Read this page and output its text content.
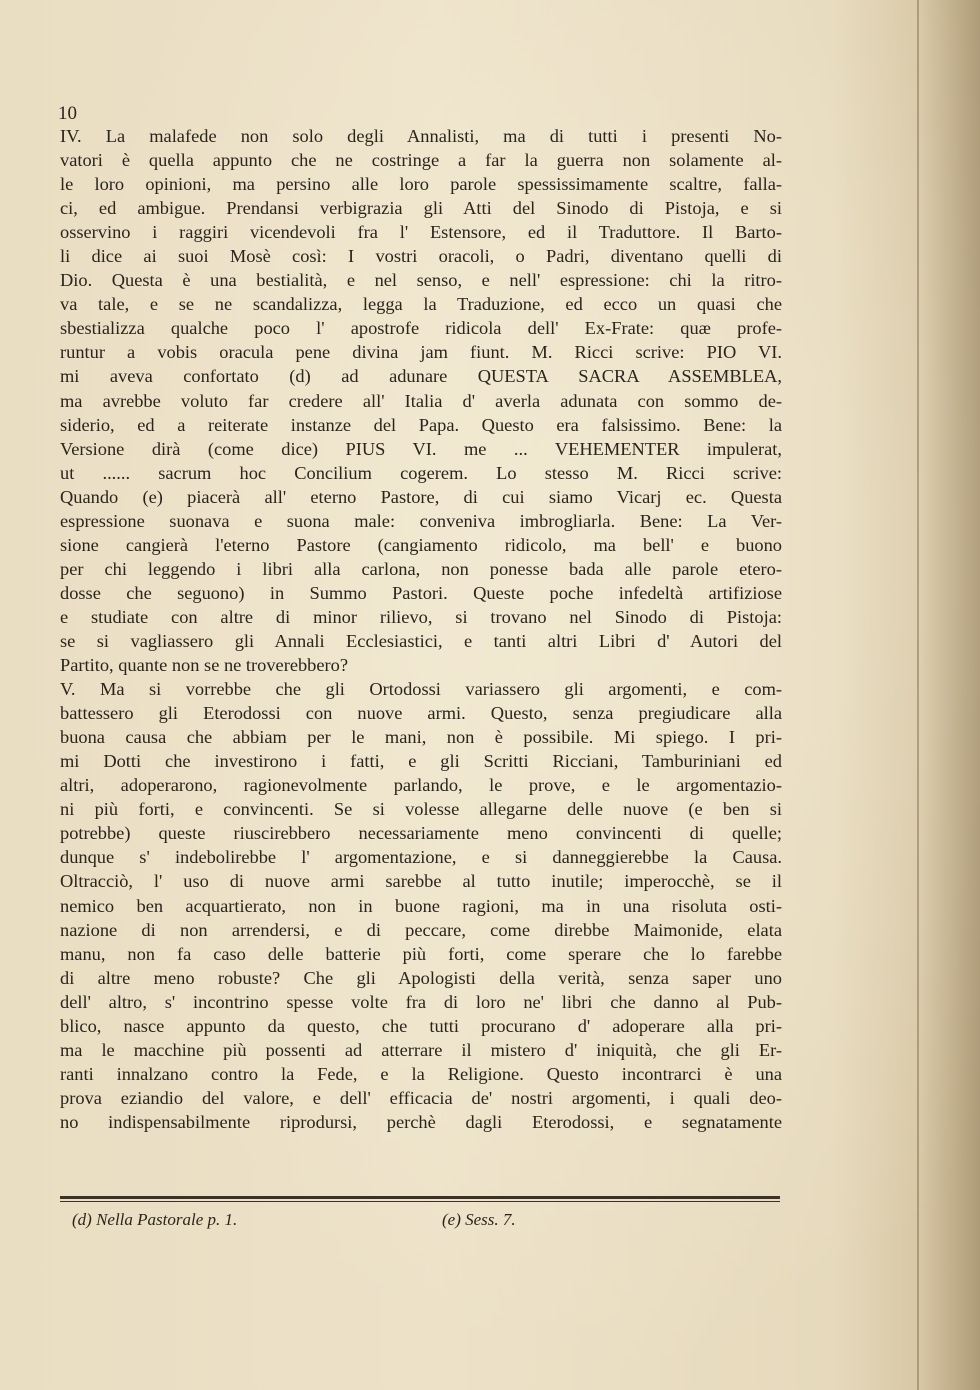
10
IV. La malafede non solo degli Annalisti, ma di tutti i presenti No-
vatori è quella appunto che ne costringe a far la guerra non solamente al-
le loro opinioni, ma persino alle loro parole spessissimamente scaltre, falla-
ci, ed ambigue. Prendansi verbigrazia gli Atti del Sinodo di Pistoja, e si
osservino i raggiri vicendevoli fra l' Estensore, ed il Traduttore. Il Barto-
li dice ai suoi Mosè così: I vostri oracoli, o Padri, diventano quelli di
Dio. Questa è una bestialità, e nel senso, e nell' espressione: chi la ritro-
va tale, e se ne scandalizza, legga la Traduzione, ed ecco un quasi che
sbestializza qualche poco l' apostrofe ridicola dell' Ex-Frate: quæ profe-
runtur a vobis oracula pene divina jam fiunt. M. Ricci scrive: PIO VI.
mi aveva confortato (d) ad adunare QUESTA SACRA ASSEMBLEA,
ma avrebbe voluto far credere all' Italia d' averla adunata con sommo de-
siderio, ed a reiterate instanze del Papa. Questo era falsissimo. Bene: la
Versione dirà (come dice) PIUS VI. me ... VEHEMENTER impulerat,
ut ...... sacrum hoc Concilium cogerem. Lo stesso M. Ricci scrive:
Quando (e) piacerà all' eterno Pastore, di cui siamo Vicarj ec. Questa
espressione suonava e suona male: conveniva imbrogliarla. Bene: La Ver-
sione cangierà l'eterno Pastore (cangiamento ridicolo, ma bell' e buono
per chi leggendo i libri alla carlona, non ponesse bada alle parole etero-
dosse che seguono) in Summo Pastori. Queste poche infedeltà artifiziose
e studiate con altre di minor rilievo, si trovano nel Sinodo di Pistoja:
se si vagliassero gli Annali Ecclesiastici, e tanti altri Libri d' Autori del
Partito, quante non se ne troverebbero?
V. Ma si vorrebbe che gli Ortodossi variassero gli argomenti, e com-
battessero gli Eterodossi con nuove armi. Questo, senza pregiudicare alla
buona causa che abbiam per le mani, non è possibile. Mi spiego. I pri-
mi Dotti che investirono i fatti, e gli Scritti Ricciani, Tamburiniani ed
altri, adoperarono, ragionevolmente parlando, le prove, e le argomentazio-
ni più forti, e convincenti. Se si volesse allegarne delle nuove (e ben si
potrebbe) queste riuscirebbero necessariamente meno convincenti di quelle;
dunque s' indebolirebbe l' argomentazione, e si danneggierebbe la Causa.
Oltracciò, l' uso di nuove armi sarebbe al tutto inutile; imperocchè, se il
nemico ben acquartierato, non in buone ragioni, ma in una risoluta osti-
nazione di non arrendersi, e di peccare, come direbbe Maimonide, elata
manu, non fa caso delle batterie più forti, come sperare che lo farebbe
di altre meno robuste? Che gli Apologisti della verità, senza saper uno
dell' altro, s' incontrino spesse volte fra di loro ne' libri che danno al Pub-
blico, nasce appunto da questo, che tutti procurano d' adoperare alla pri-
ma le macchine più possenti ad atterrare il mistero d' iniquità, che gli Er-
ranti innalzano contro la Fede, e la Religione. Questo incontrarci è una
prova eziandio del valore, e dell' efficacia de' nostri argomenti, i quali deo-
no indispensabilmente riprodursi, perchè dagli Eterodossi, e segnatamente
(d) Nella Pastorale p. 1.	(e) Sess. 7.
